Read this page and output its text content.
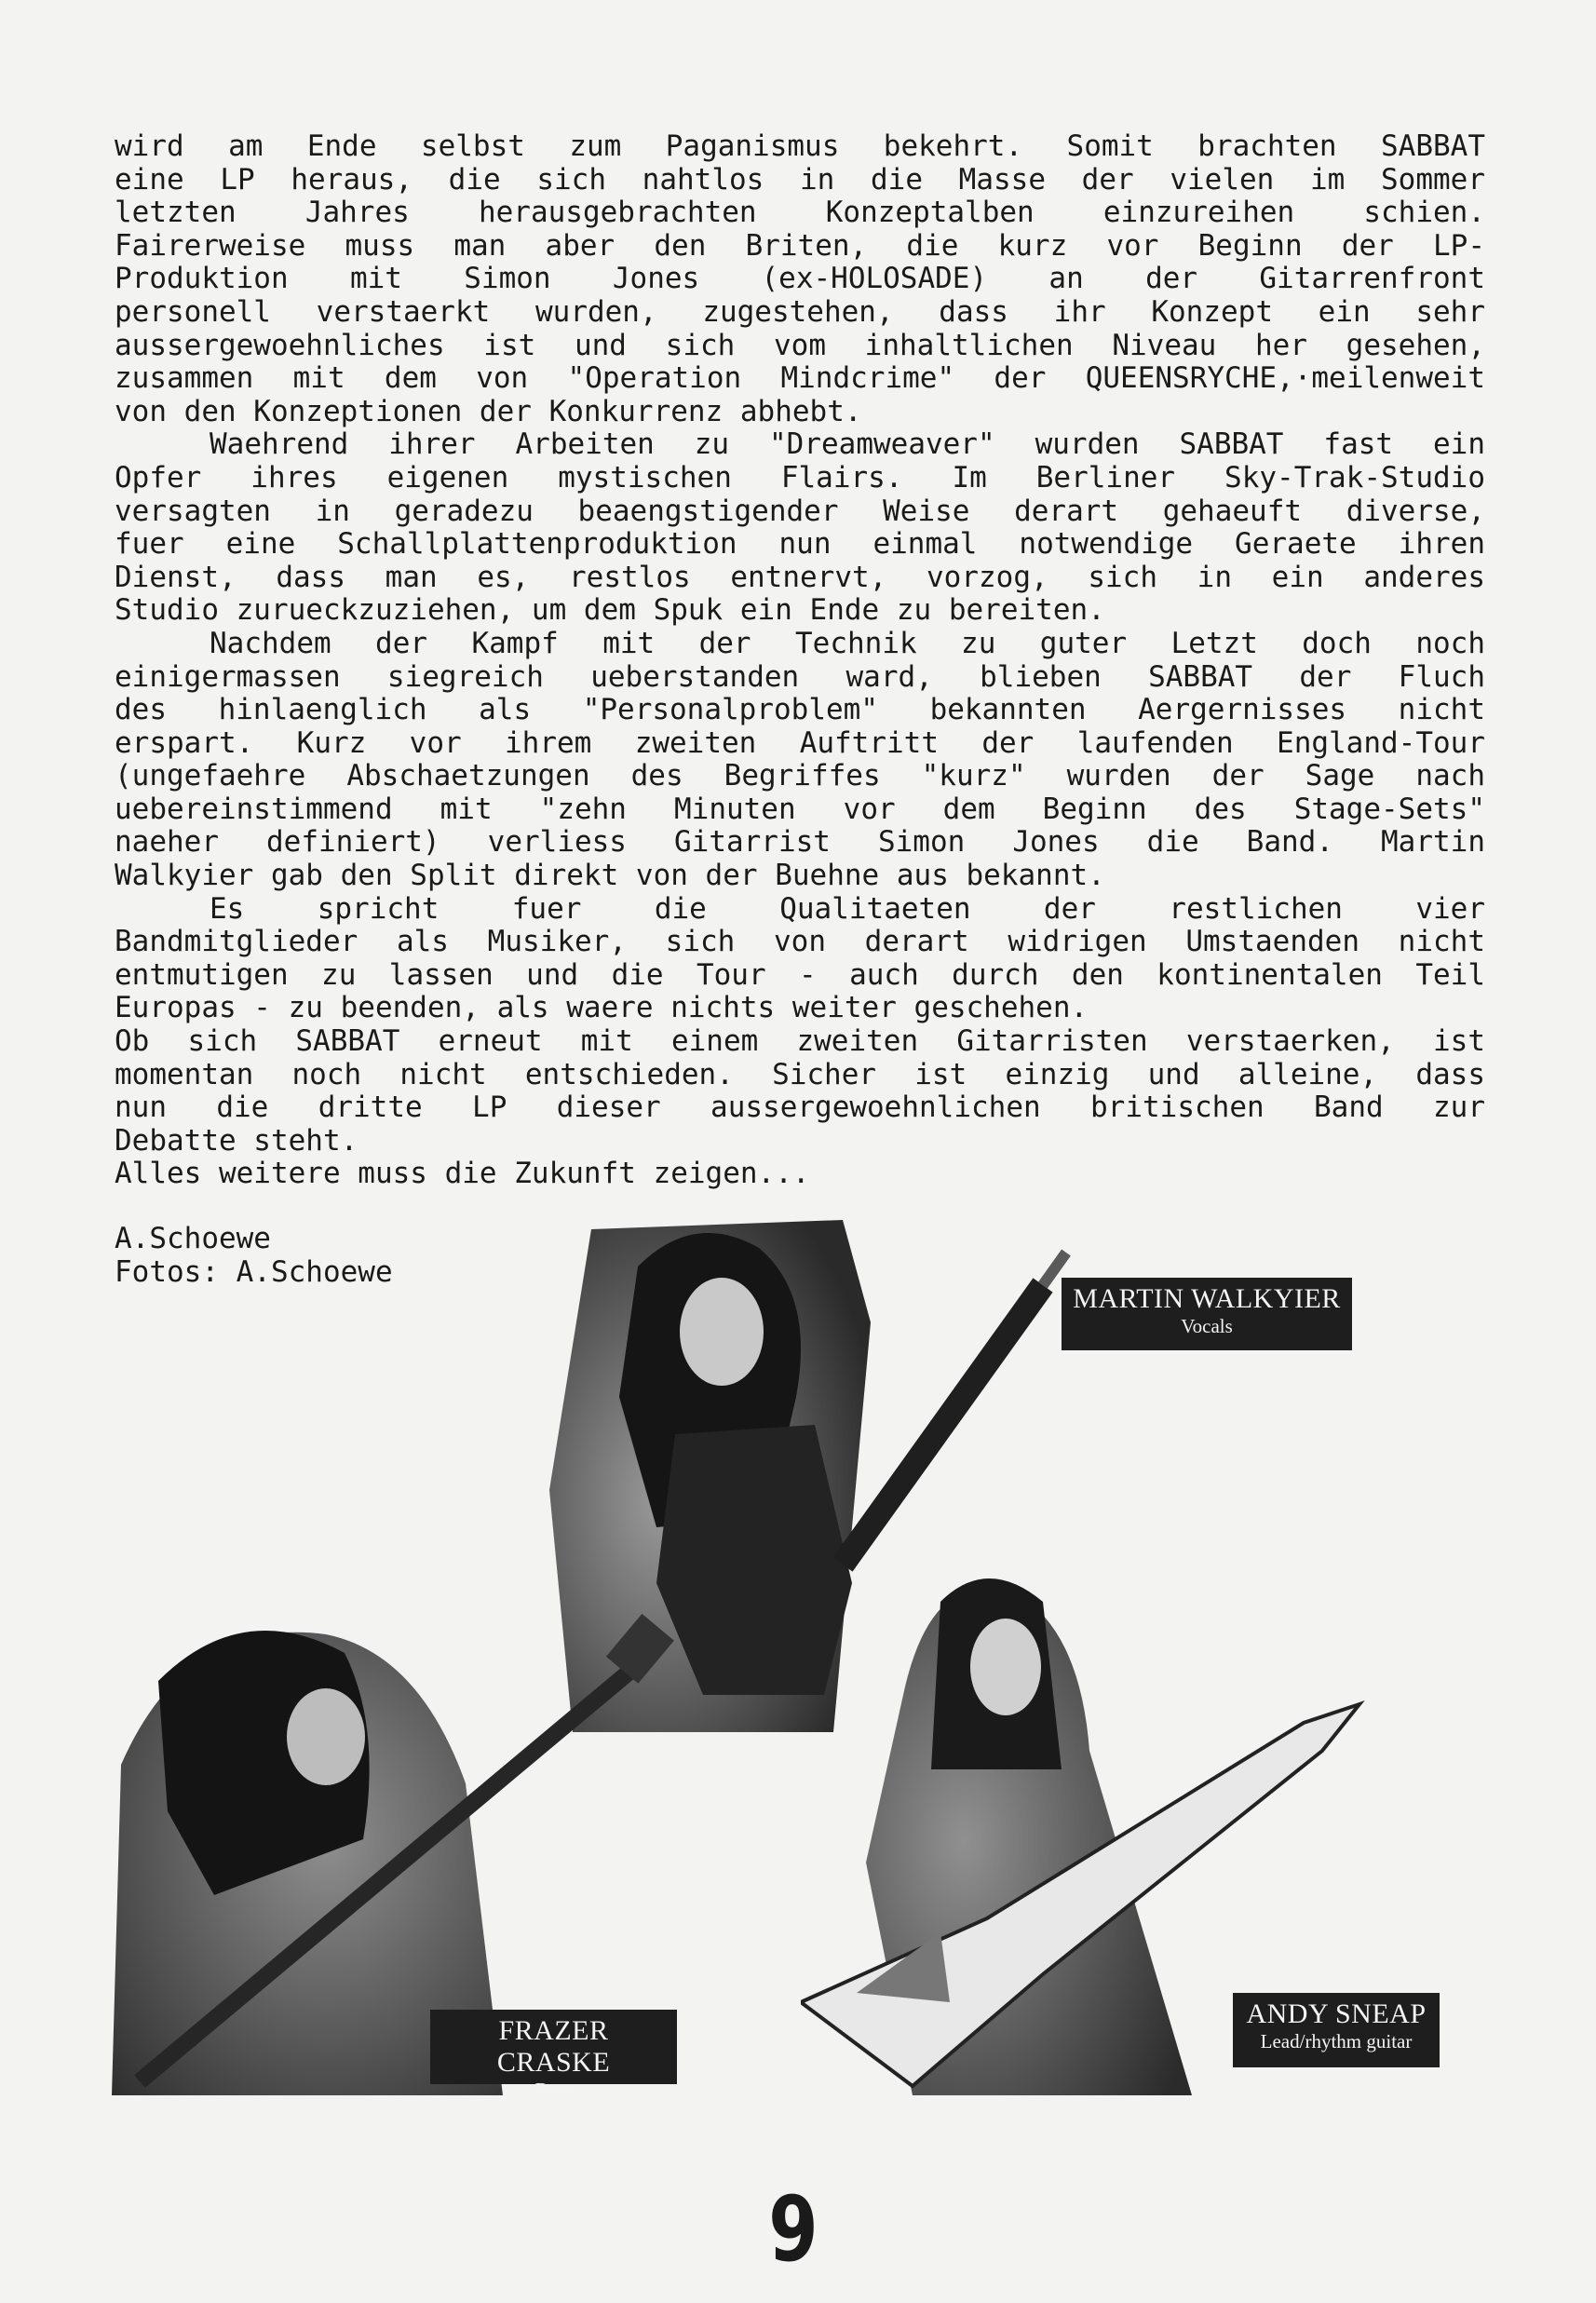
wird am Ende selbst zum Paganismus bekehrt. Somit brachten SABBAT
eine LP heraus, die sich nahtlos in die Masse der vielen im Sommer
letzten Jahres herausgebrachten Konzeptalben einzureihen schien.
Fairerweise muss man aber den Briten, die kurz vor Beginn der LP-
Produktion mit Simon Jones (ex-HOLOSADE) an der Gitarrenfront
personell verstaerkt wurden, zugestehen, dass ihr Konzept ein sehr
aussergewoehnliches ist und sich vom inhaltlichen Niveau her gesehen,
zusammen mit dem von "Operation Mindcrime" der QUEENSRYCHE,·meilenweit
von den Konzeptionen der Konkurrenz abhebt.
Waehrend ihrer Arbeiten zu "Dreamweaver" wurden SABBAT fast ein
Opfer ihres eigenen mystischen Flairs. Im Berliner Sky-Trak-Studio
versagten in geradezu beaengstigender Weise derart gehaeuft diverse,
fuer eine Schallplattenproduktion nun einmal notwendige Geraete ihren
Dienst, dass man es, restlos entnervt, vorzog, sich in ein anderes
Studio zurueckzuziehen, um dem Spuk ein Ende zu bereiten.
Nachdem der Kampf mit der Technik zu guter Letzt doch noch
einigermassen siegreich ueberstanden ward, blieben SABBAT der Fluch
des hinlaenglich als "Personalproblem" bekannten Aergernisses nicht
erspart. Kurz vor ihrem zweiten Auftritt der laufenden England-Tour
(ungefaehre Abschaetzungen des Begriffes "kurz" wurden der Sage nach
uebereinstimmend mit "zehn Minuten vor dem Beginn des Stage-Sets"
naeher definiert) verliess Gitarrist Simon Jones die Band. Martin
Walkyier gab den Split direkt von der Buehne aus bekannt.
Es spricht fuer die Qualitaeten der restlichen vier
Bandmitglieder als Musiker, sich von derart widrigen Umstaenden nicht
entmutigen zu lassen und die Tour - auch durch den kontinentalen Teil
Europas - zu beenden, als waere nichts weiter geschehen.
Ob sich SABBAT erneut mit einem zweiten Gitarristen verstaerken, ist
momentan noch nicht entschieden. Sicher ist einzig und alleine, dass
nun die dritte LP dieser aussergewoehnlichen britischen Band zur
Debatte steht.
Alles weitere muss die Zukunft zeigen...
A.Schoewe
Fotos: A.Schoewe
MARTIN WALKYIER
Vocals
FRAZER CRASKE
Bass
ANDY SNEAP
Lead/rhythm guitar
9
